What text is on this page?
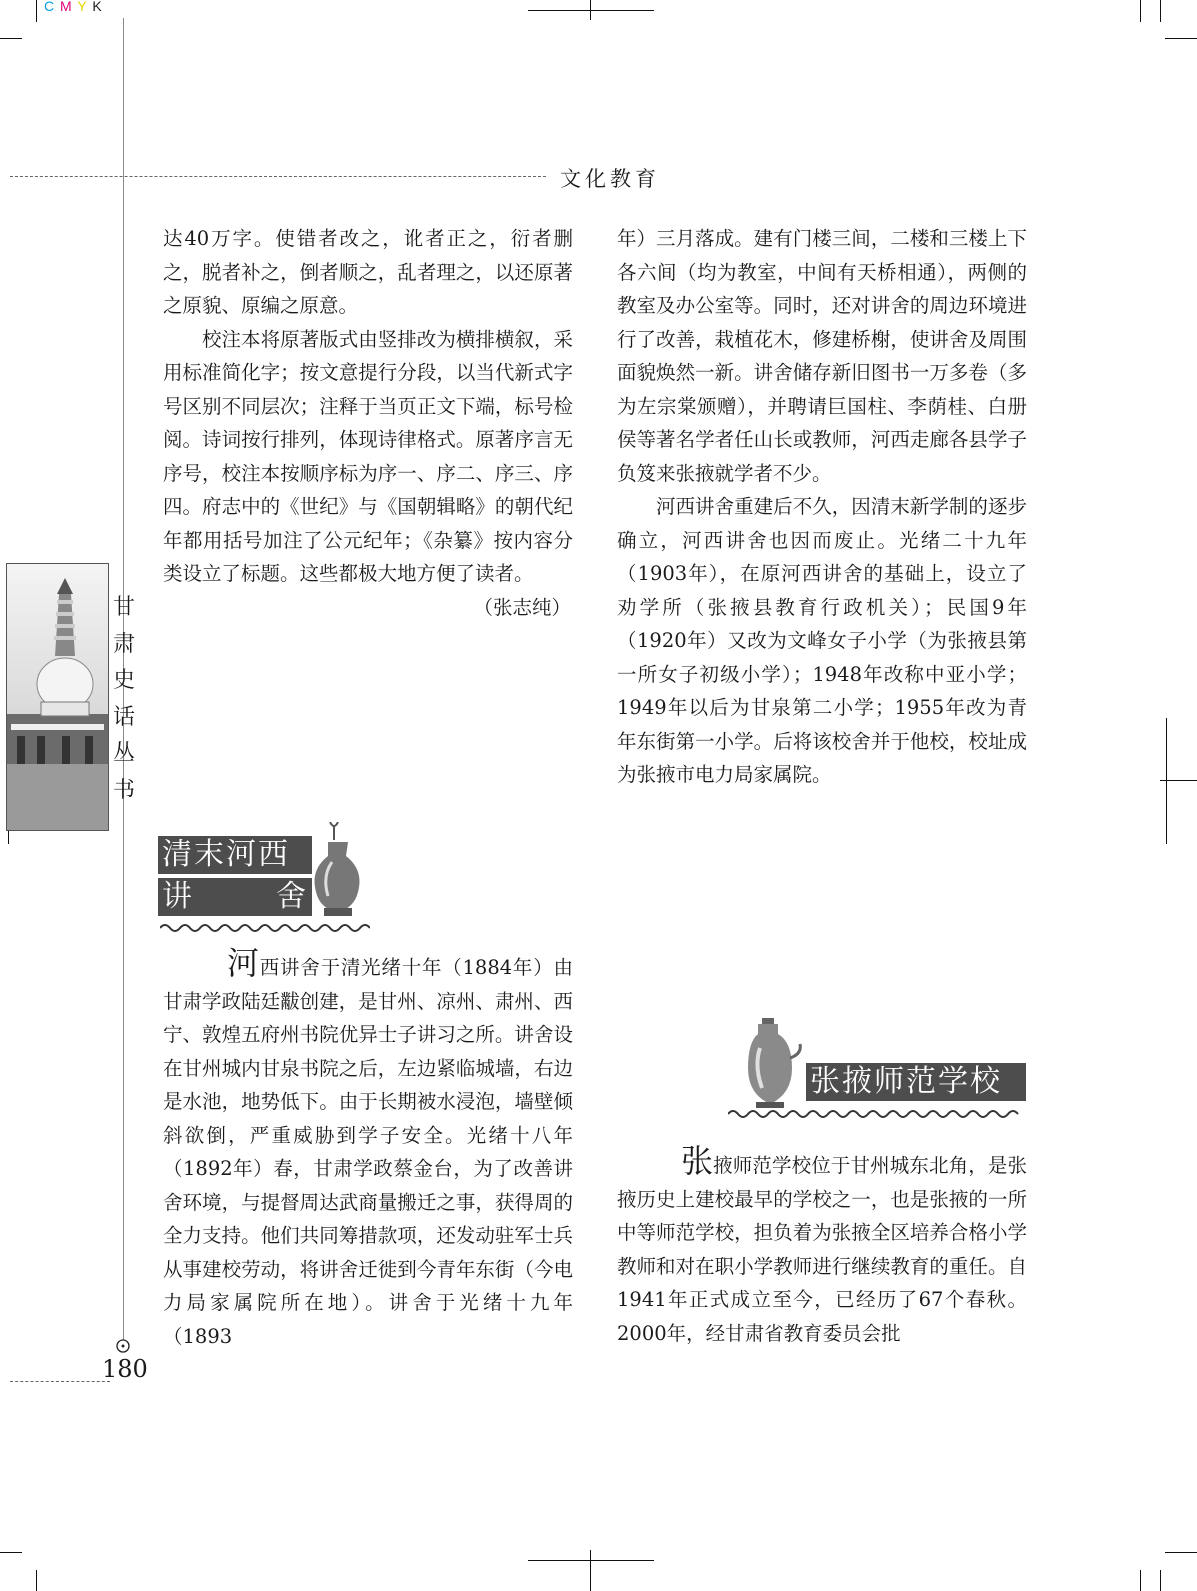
C M Y K
文化教育

达40万字。使错者改之，讹者正之，衍者删之，脱者补之，倒者顺之，乱者理之，以还原著之原貌、原编之原意。

校注本将原著版式由竖排改为横排横叙，采用标准简化字；按文意提行分段，以当代新式字号区别不同层次；注释于当页正文下端，标号检阅。诗词按行排列，体现诗律格式。原著序言无序号，校注本按顺序标为序一、序二、序三、序四。府志中的《世纪》与《国朝辑略》的朝代纪年都用括号加注了公元纪年；《杂纂》按内容分类设立了标题。这些都极大地方便了读者。

（张志纯）

甘
肃
史
话
丛
书
清末河西
讲	舍

河西讲舍于清光绪十年（1884年）由甘肃学政陆廷黻创建，是甘州、凉州、肃州、西宁、敦煌五府州书院优异士子讲习之所。讲舍设在甘州城内甘泉书院之后，左边紧临城墙，右边是水池，地势低下。由于长期被水浸泡，墙壁倾斜欲倒，严重威胁到学子安全。光绪十八年（1892年）春，甘肃学政蔡金台，为了改善讲舍环境，与提督周达武商量搬迁之事，获得周的全力支持。他们共同筹措款项，还发动驻军士兵从事建校劳动，将讲舍迁徙到今青年东街（今电力局家属院所在地）。讲舍于光绪十九年（1893

年）三月落成。建有门楼三间，二楼和三楼上下各六间（均为教室，中间有天桥相通），两侧的教室及办公室等。同时，还对讲舍的周边环境进行了改善，栽植花木，修建桥榭，使讲舍及周围面貌焕然一新。讲舍储存新旧图书一万多卷（多为左宗棠颁赠），并聘请巨国柱、李荫桂、白册侯等著名学者任山长或教师，河西走廊各县学子负笈来张掖就学者不少。

河西讲舍重建后不久，因清末新学制的逐步确立，河西讲舍也因而废止。光绪二十九年（1903年），在原河西讲舍的基础上，设立了劝学所（张掖县教育行政机关）；民国9年（1920年）又改为文峰女子小学（为张掖县第一所女子初级小学）；1948年改称中亚小学；1949年以后为甘泉第二小学；1955年改为青年东街第一小学。后将该校舍并于他校，校址成为张掖市电力局家属院。

张掖师范学校

张掖师范学校位于甘州城东北角，是张掖历史上建校最早的学校之一，也是张掖的一所中等师范学校，担负着为张掖全区培养合格小学教师和对在职小学教师进行继续教育的重任。自1941年正式成立至今，已经历了67个春秋。2000年，经甘肃省教育委员会批

180
